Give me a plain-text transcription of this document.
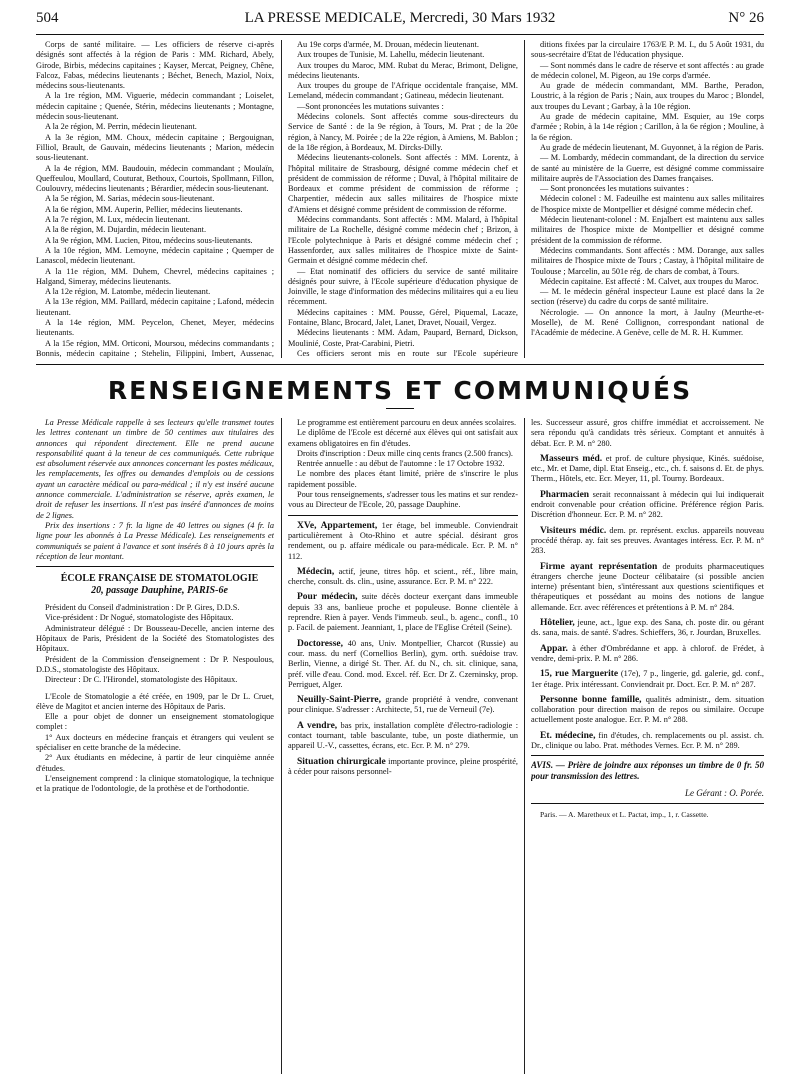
504	LA PRESSE MEDICALE, Mercredi, 30 Mars 1932	N° 26

Corps de santé militaire. — Les officiers de réserve ci-après désignés sont affectés à la région de Paris : MM. Richard, Abely, Girode, Birbis, médecins capitaines ; Kayser, Mercat, Peigney, Chêne, Falcoz, Fabas, médecins lieutenants ; Béchet, Benech, Maziol, Noix, médecins sous-lieutenants.

A la 1re région, MM. Viguerie, médecin commandant ; Loiselet, médecin capitaine ; Quenée, Stérin, médecins lieutenants ; Montagne, médecin sous-lieutenant.

A la 2e région, M. Perrin, médecin lieutenant.

A la 3e région, MM. Choux, médecin capitaine ; Bergouignan, Filliol, Brault, de Gauvain, médecins lieutenants ; Marion, médecin sous-lieutenant.

A la 4e région, MM. Baudouin, médecin commandant ; Moulaïn, Queffeulou, Moullard, Couturat, Bethoux, Courtois, Spollmann, Fillon, Coulouvry, médecins lieutenants ; Bérardier, médecin sous-lieutenant.

A la 5e région, M. Sarias, médecin sous-lieutenant.

A la 6e région, MM. Auperin, Pellier, médecins lieutenants.

A la 7e région, M. Lux, médecin lieutenant.

A la 8e région, M. Dujardin, médecin lieutenant.

A la 9e région, MM. Lucien, Pitou, médecins sous-lieutenants.

A la 10e région, MM. Lemoyne, médecin capitaine ; Quemper de Lanascol, médecin lieutenant.

A la 11e région, MM. Duhem, Chevrel, médecins capitaines ; Halgand, Simeray, médecins lieutenants.

A la 12e région, M. Latombe, médecin lieutenant.

A la 13e région, MM. Paillard, médecin capitaine ; Lafond, médecin lieutenant.

A la 14e région, MM. Peycelon, Chenet, Meyer, médecins lieutenants.

A la 15e région, MM. Orticoni, Moursou, médecins commandants ; Bonnis, médecin capitaine ; Stehelin, Filippini, Imbert, Aussenac,

Au 19e corps d'armée, M. Drouan, médecin lieutenant.

Aux troupes de Tunisie, M. Lahellu, médecin lieutenant.

Aux troupes du Maroc, MM. Rubat du Merac, Brimont, Deligne, médecins lieutenants.

Aux troupes du groupe de l'Afrique occidentale française, MM. Lemeland, médecin commandant ; Gatineau, médecin lieutenant.

—Sont prononcées les mutations suivantes :

Médecins colonels. Sont affectés comme sous-directeurs du Service de Santé : de la 9e région, à Tours, M. Prat ; de la 20e région, à Nancy, M. Poirée ; de la 22e région, à Amiens, M. Bablon ; de la 18e région, à Bordeaux, M. Dircks-Dilly.

Médecins lieutenants-colonels. Sont affectés : MM. Lorentz, à l'hôpital militaire de Strasbourg, désigné comme médecin chef et président de commission de réforme ; Duval, à l'hôpital militaire de Bordeaux et comme président de commission de réforme ; Charpentier, médecin aux salles militaires de l'hospice mixte d'Amiens et désigné comme président de commission de réforme.

Médecins commandants. Sont affectés : MM. Malard, à l'hôpital militaire de La Rochelle, désigné comme médecin chef ; Brizon, à l'Ecole polytechnique à Paris et désigné comme médecin chef ; Hassenforder, aux salles militaires de l'hospice mixte de Saint-Germain et désigné comme médecin chef.

— Etat nominatif des officiers du service de santé militaire désignés pour suivre, à l'Ecole supérieure d'éducation physique de Joinville, le stage d'information des médecins militaires qui a eu lieu récemment.

Médecins capitaines : MM. Pousse, Gérel, Piquemal, Lacaze, Fontaine, Blanc, Brocard, Jalet, Lanet, Dravet, Nouail, Vergez.

Médecins lieutenants : MM. Adam, Paupard, Bernard, Dickson, Moulinié, Coste, Prat-Carabini, Pietri.

Ces officiers seront mis en route sur l'Ecole supérieure

ditions fixées par la circulaire 1763/E P. M. I., du 5 Août 1931, du sous-secrétaire d'Etat de l'éducation physique.

— Sont nommés dans le cadre de réserve et sont affectés : au grade de médecin colonel, M. Pigeon, au 19e corps d'armée.

Au grade de médecin commandant, MM. Barthe, Peradon, Loustric, à la région de Paris ; Nain, aux troupes du Maroc ; Blondel, aux troupes du Levant ; Garbay, à la 10e région.

Au grade de médecin capitaine, MM. Esquier, au 19e corps d'armée ; Robin, à la 14e région ; Carillon, à la 6e région ; Mouline, à la 6e région.

Au grade de médecin lieutenant, M. Guyonnet, à la région de Paris.

— M. Lombardy, médecin commandant, de la direction du service de santé au ministère de la Guerre, est désigné comme commissaire militaire auprès de l'Association des Dames françaises.

— Sont prononcées les mutations suivantes :

Médecin colonel : M. Fadeuilhe est maintenu aux salles militaires de l'hospice mixte de Montpellier et désigné comme médecin chef.

Médecin lieutenant-colonel : M. Enjalbert est maintenu aux salles militaires de l'hospice mixte de Montpellier et désigné comme président de la commission de réforme.

Médecins commandants. Sont affectés : MM. Dorange, aux salles militaires de l'hospice mixte de Tours ; Castay, à l'hôpital militaire de Toulouse ; Marcelin, au 501e rég. de chars de combat, à Tours.

Médecin capitaine. Est affecté : M. Calvet, aux troupes du Maroc.

— M. le médecin général inspecteur Laune est placé dans la 2e section (réserve) du cadre du corps de santé militaire.

Nécrologie. — On annonce la mort, à Jaulny (Meurthe-et-Moselle), de M. René Collignon, correspondant national de l'Académie de médecine. A Genève, celle de M. R. H. Kummer.

RENSEIGNEMENTS ET COMMUNIQUÉS

La Presse Médicale rappelle à ses lecteurs qu'elle transmet toutes les lettres contenant un timbre de 50 centimes aux titulaires des annonces qui répondent directement. Elle ne prend aucune responsabilité quant à la teneur de ces communiqués. Cette rubrique est absolument réservée aux annonces concernant les postes médicaux, les remplacements, les offres ou demandes d'emplois ou de cessions ayant un caractère médical ou para-médical ; il n'y est inséré aucune annonce commerciale. L'administration se réserve, après examen, le droit de refuser les insertions. Il n'est pas inséré d'annonces de moins de 2 lignes.

Prix des insertions : 7 fr. la ligne de 40 lettres ou signes (4 fr. la ligne pour les abonnés à La Presse Médicale). Les renseignements et communiqués se paient à l'avance et sont insérés 8 à 10 jours après la réception de leur montant.

ÉCOLE FRANÇAISE DE STOMATOLOGIE

20, passage Dauphine, PARIS-6e

Président du Conseil d'administration : Dr P. Gires, D.D.S.

Vice-président : Dr Nogué, stomatologiste des Hôpitaux.

Administrateur délégué : Dr Bousseau-Decelle, ancien interne des Hôpitaux de Paris, Président de la Société des Stomatologistes des Hôpitaux.

Président de la Commission d'enseignement : Dr P. Nespoulous, D.D.S., stomatologiste des Hôpitaux.

Directeur : Dr C. l'Hirondel, stomatologiste des Hôpitaux.

L'Ecole de Stomatologie a été créée, en 1909, par le Dr L. Cruet, élève de Magitot et ancien interne des Hôpitaux de Paris.

Elle a pour objet de donner un enseignement stomatologique complet :

1° Aux docteurs en médecine français et étrangers qui veulent se spécialiser en cette branche de la médecine.

2° Aux étudiants en médecine, à partir de leur cinquième année d'études.

L'enseignement comprend : la clinique stomatologique, la technique et la pratique de l'odontologie, de la prothèse et de l'orthodontie.

Le programme est entièrement parcouru en deux années scolaires.

Le diplôme de l'Ecole est décerné aux élèves qui ont satisfait aux examens obligatoires en fin d'études.

Droits d'inscription : Deux mille cinq cents francs (2.500 francs).

Rentrée annuelle : au début de l'automne : le 17 Octobre 1932.

Le nombre des places étant limité, prière de s'inscrire le plus rapidement possible.

Pour tous renseignements, s'adresser tous les matins et sur rendez-vous au Directeur de l'Ecole, 20, passage Dauphine.

XVe, Appartement, 1er étage, bel immeuble. Conviendrait particulièrement à Oto-Rhino et autre spécial. désirant gros rendement, ou p. affaire médicale ou para-médicale. Ecr. P. M. n° 112.

Médecin, actif, jeune, titres hôp. et scient., réf., libre main, cherche, consult. ds. clin., usine, assurance. Ecr. P. M. n° 222.

Pour médecin, suite décès docteur exerçant dans immeuble depuis 33 ans, banlieue proche et populeuse. Bonne clientèle à reprendre. Rien à payer. Vends l'immeub. seul., b. agenc., confl., 10 p. Facil. de paiement. Jeanniant, 1, place de l'Eglise Créteil (Seine).

Doctoresse, 40 ans, Univ. Montpellier, Charcot (Russie) au cour. mass. du nerf (Cornellios Berlin), gym. orth. suédoise trav. Berlin, Vienne, a dirigé St. Ther. Af. du N., ch. sit. clinique, sana, préf. ville d'eau. Cond. mod. Excel. réf. Ecr. Dr Z. Czerninsky, prop. Perriguet, Alger.

Neuilly-Saint-Pierre, grande propriété à vendre, convenant pour clinique. S'adresser : Architecte, 51, rue de Verneuil (7e).

A vendre, bas prix, installation complète d'électro-radiologie : contact tournant, table basculante, tube, un poste diathermie, un appareil U.-V., cassettes, écrans, etc. Ecr. P. M. n° 279.

Situation chirurgicale importante province, pleine prospérité, à céder pour raisons personnel-

les. Successeur assuré, gros chiffre immédiat et accroissement. Ne sera répondu qu'à candidats très sérieux. Comptant et annuités à débat. Ecr. P. M. n° 280.

Masseurs méd. et prof. de culture physique, Kinés. suédoise, etc., Mr. et Dame, dipl. Etat Enseig., etc., ch. f. saisons d. Et. de phys. Therm., Hôtels, etc. Ecr. Meyer, 11, pl. Tourny. Bordeaux.

Pharmacien serait reconnaissant à médecin qui lui indiquerait endroit convenable pour création officine. Préférence région Paris. Discrétion d'honneur. Ecr. P. M. n° 282.

Visiteurs médic. dem. pr. représent. exclus. appareils nouveau procédé thérap. ay. fait ses preuves. Avantages intéress. Ecr. P. M. n° 283.

Firme ayant représentation de produits pharmaceutiques étrangers cherche jeune Docteur célibataire (si possible ancien interne) présentant bien, s'intéressant aux questions scientifiques et thérapeutiques et possédant au moins des notions de langue allemande. Ecr. avec références et prétentions à P. M. n° 284.

Hôtelier, jeune, act., lgue exp. des Sana, ch. poste dir. ou gérant ds. sana, mais. de santé. S'adres. Schieffers, 36, r. Jourdan, Bruxelles.

Appar. à éther d'Ombrédanne et app. à chlorof. de Frédet, à vendre, demi-prix. P. M. n° 286.

15, rue Marguerite (17e), 7 p., lingerie, gd. galerie, gd. conf., 1er étage. Prix intéressant. Conviendrait pr. Doct. Ecr. P. M. n° 287.

Personne bonne famille, qualités administr., dem. situation collaboration pour direction maison de repos ou similaire. Occupe actuellement poste analogue. Ecr. P. M. n° 288.

Et. médecine, fin d'études, ch. remplacements ou pl. assist. ch. Dr., clinique ou labo. Prat. méthodes Vernes. Ecr. P. M. n° 289.

AVIS. — Prière de joindre aux réponses un timbre de 0 fr. 50 pour transmission des lettres.

Le Gérant : O. Porée.

Paris. — A. Maretheux et L. Pactat, imp., 1, r. Cassette.
